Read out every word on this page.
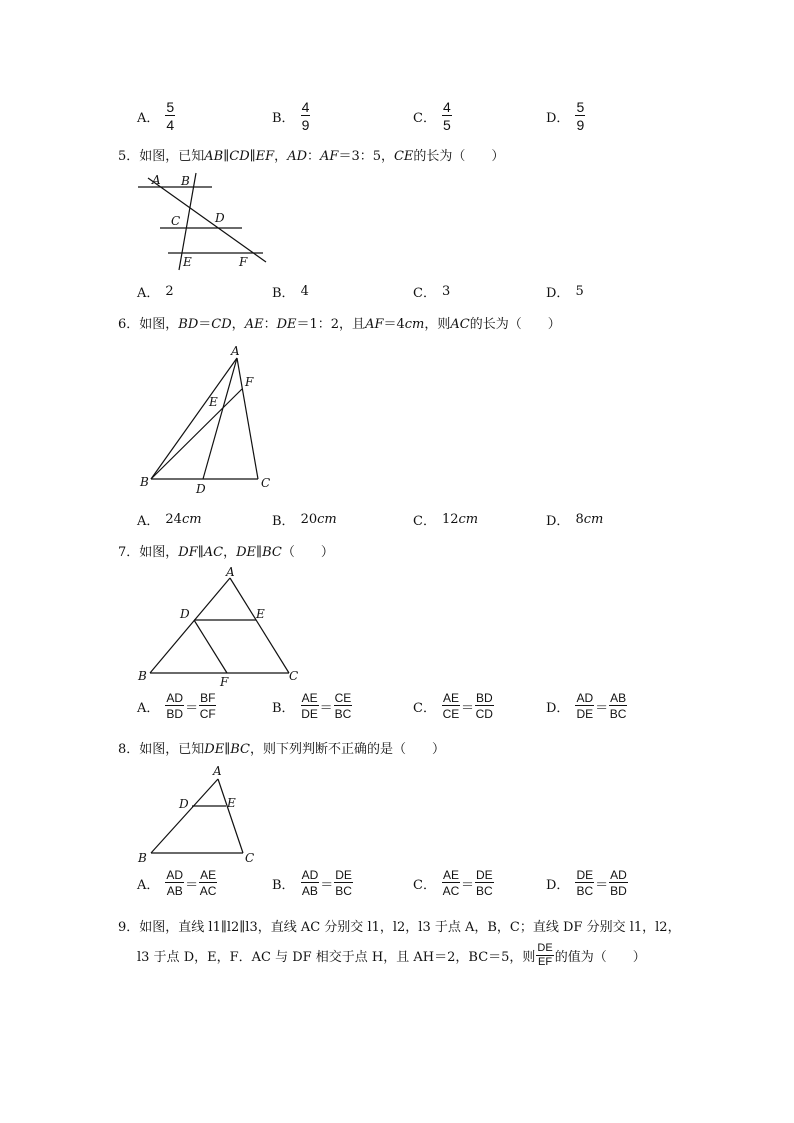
A． $\frac{5}{4}$	B． $\frac{4}{9}$	C． $\frac{4}{5}$	D． $\frac{5}{9}$
5．如图，已知AB∥CD∥EF，AD：AF＝3：5，CE的长为（　　）
A B
C	D
E	F
A． 2	B． 4	C． 3	D． 5
6．如图，BD＝CD，AE：DE＝1：2，且AF＝4cm，则AC的长为（　　）
A
F
E
B	D	C
A． 24 cm	B． 20 cm	C． 12 cm	D． 8 cm
7．如图，DF∥AC，DE∥BC（　　）
A
D	E
B	F	C
A． $\frac{AD}{BD} = \frac{BF}{CF}$	B． $\frac{AE}{DE} = \frac{CE}{BC}$	C． $\frac{AE}{CE} = \frac{BD}{CD}$	D． $\frac{AD}{DE} = \frac{AB}{BC}$
8．如图，已知DE∥BC，则下列判断不正确的是（　　）
A
D	E
B	C
A． $\frac{AD}{AB} = \frac{AE}{AC}$	B． $\frac{AD}{AB} = \frac{DE}{BC}$	C． $\frac{AE}{AC} = \frac{DE}{BC}$	D． $\frac{DE}{BC} = \frac{AD}{BD}$
9．如图，直线 l1∥l2∥l3，直线 AC 分别交 l1，l2，l3 于点 A，B，C；直线 DF 分别交 l1，l2，
l3 于点 D，E，F．AC 与 DF 相交于点 H，且 AH＝2，BC＝5，则 $\frac{DE}{EF}$ 的值为（　　）
